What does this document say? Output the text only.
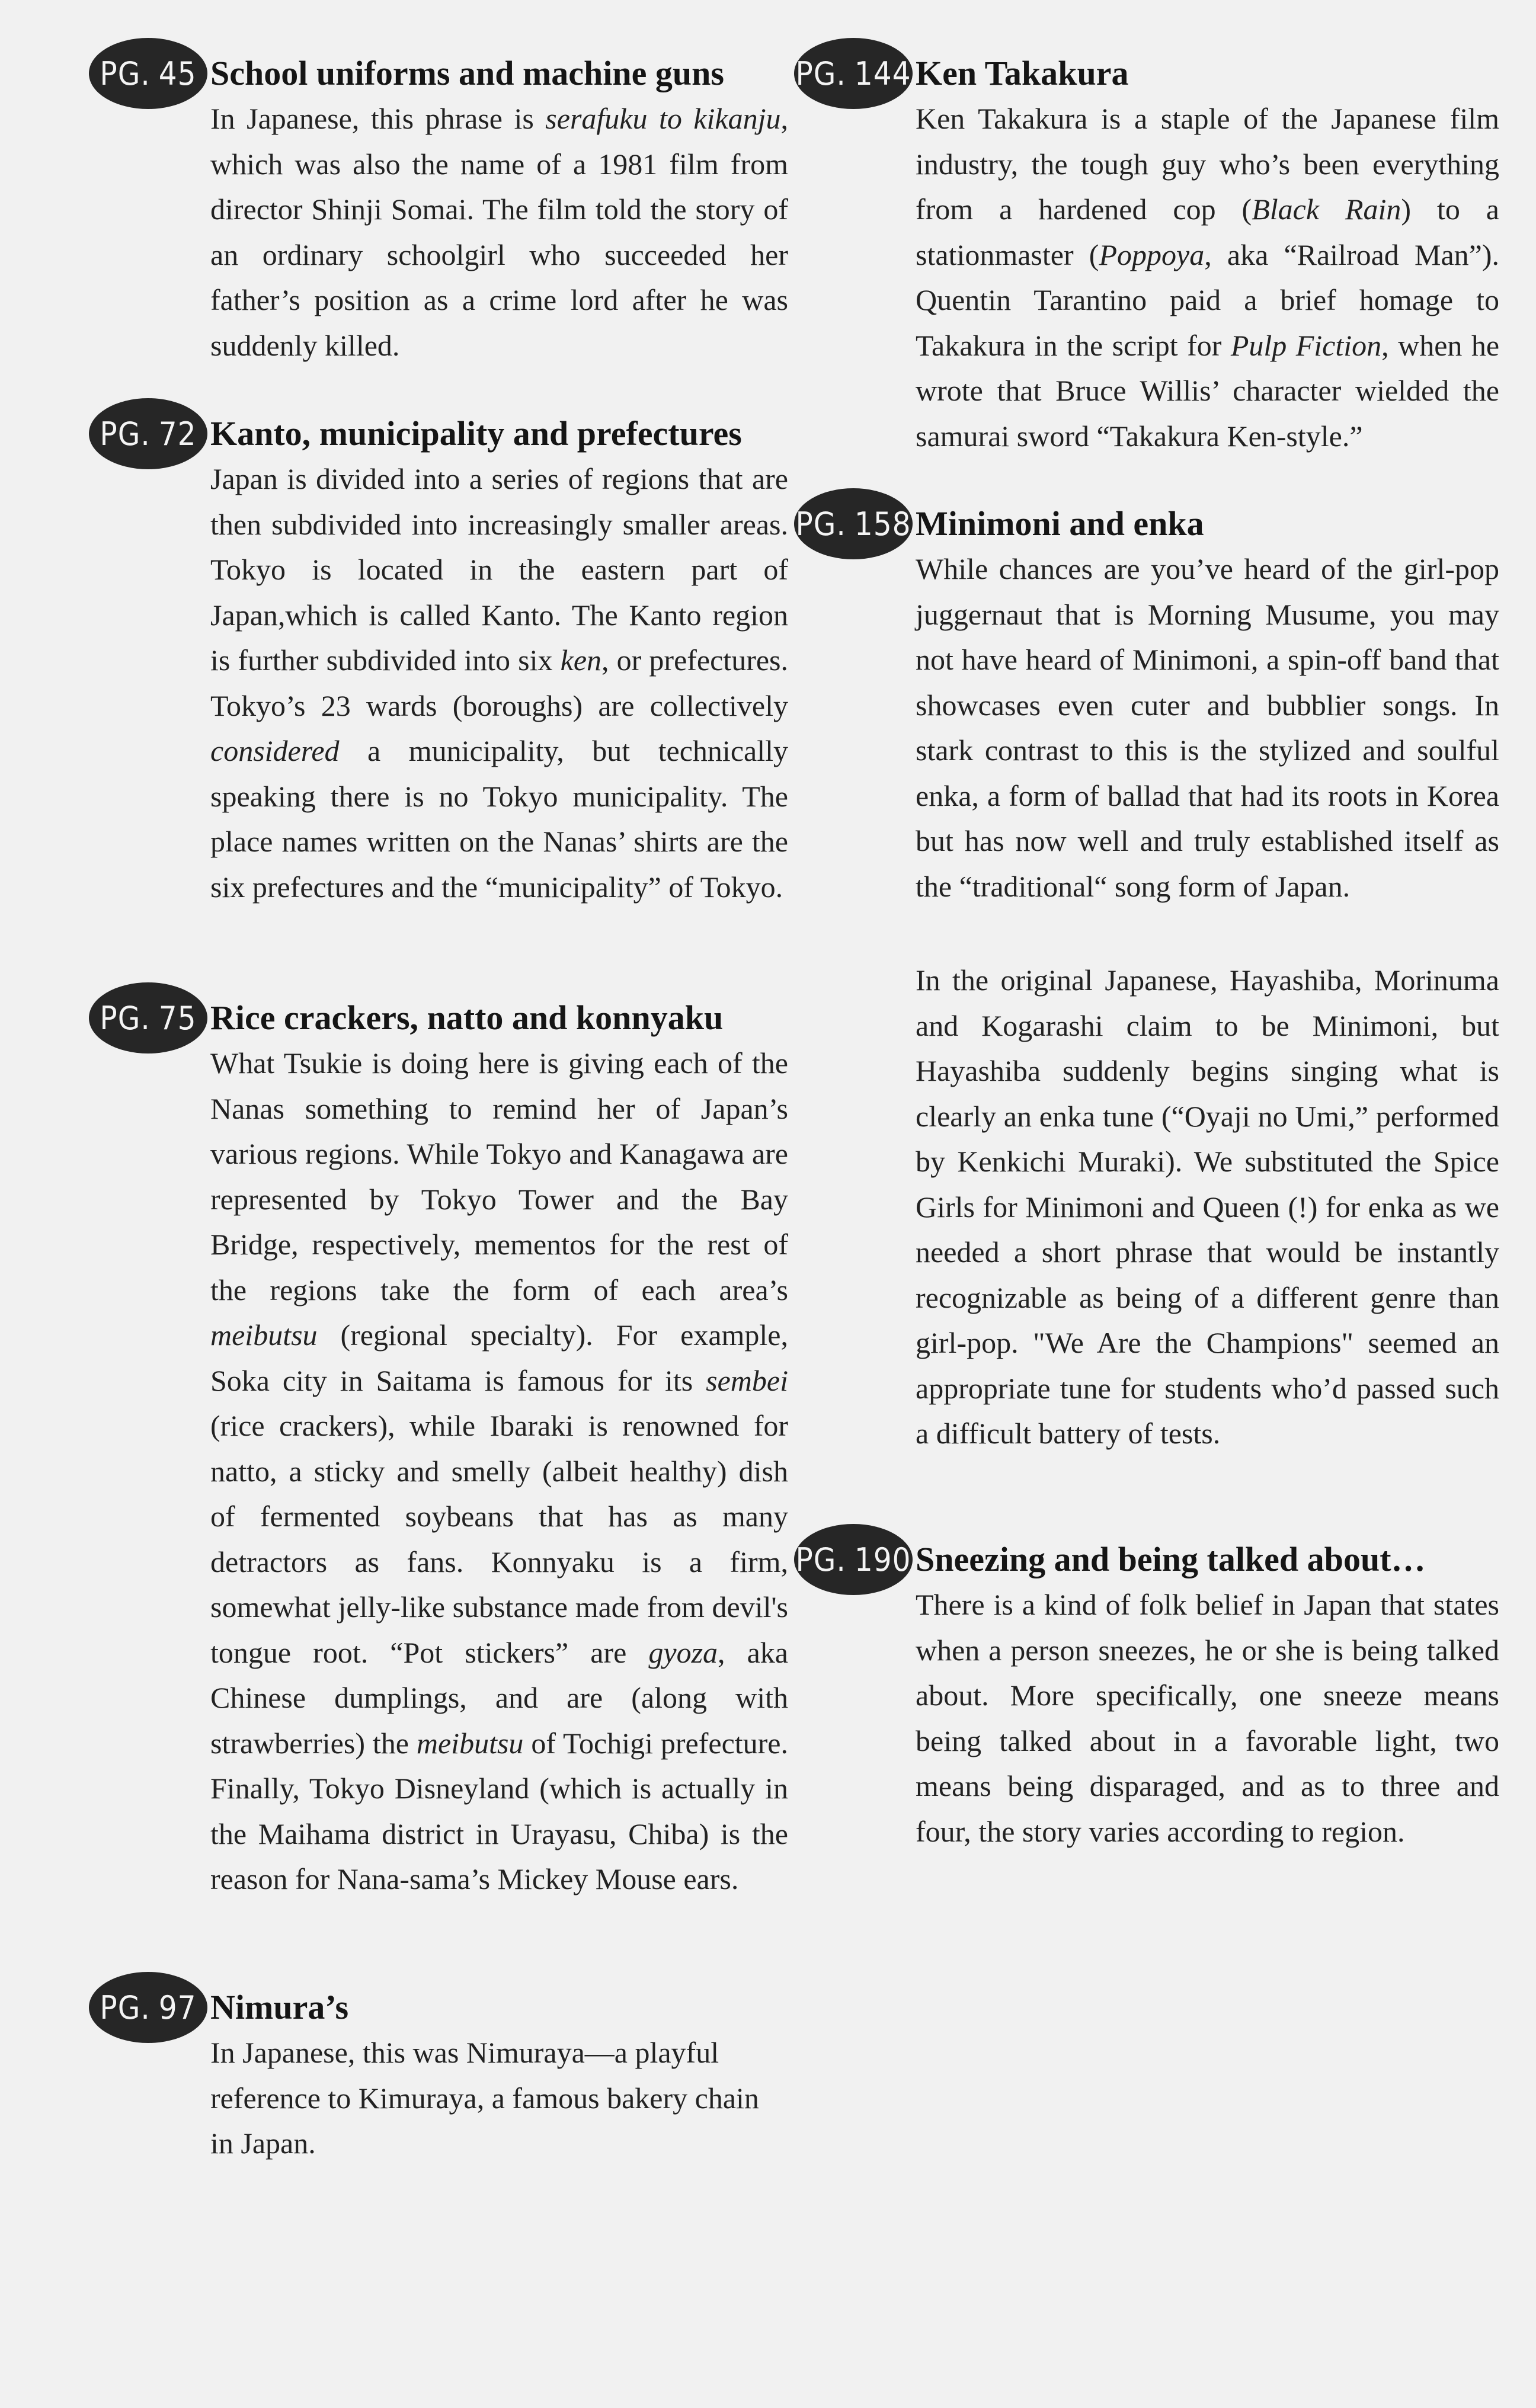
PG. 45 School uniforms and machine guns

In Japanese, this phrase is serafuku to kikanju, which was also the name of a 1981 film from director Shinji Somai. The film told the story of an ordinary schoolgirl who succeeded her father’s position as a crime lord after he was suddenly killed.

PG. 72 Kanto, municipality and prefectures

Japan is divided into a series of regions that are then subdivided into increasingly smaller areas. Tokyo is located in the eastern part of Japan,which is called Kanto. The Kanto region is further subdivided into six ken, or prefectures. Tokyo’s 23 wards (boroughs) are collectively considered a municipality, but technically speaking there is no Tokyo municipality. The place names written on the Nanas’ shirts are the six prefectures and the “municipality” of Tokyo.

PG. 75 Rice crackers, natto and konnyaku

What Tsukie is doing here is giving each of the Nanas something to remind her of Japan’s various regions. While Tokyo and Kanagawa are represented by Tokyo Tower and the Bay Bridge, respectively, mementos for the rest of the regions take the form of each area’s meibutsu (regional specialty). For example, Soka city in Saitama is famous for its sembei (rice crackers), while Ibaraki is renowned for natto, a sticky and smelly (albeit healthy) dish of fermented soybeans that has as many detractors as fans. Konnyaku is a firm, somewhat jelly-like substance made from devil's tongue root. “Pot stickers” are gyoza, aka Chinese dumplings, and are (along with strawberries) the meibutsu of Tochigi prefecture. Finally, Tokyo Disneyland (which is actually in the Maihama district in Urayasu, Chiba) is the reason for Nana-sama’s Mickey Mouse ears.

PG. 97 Nimura’s

In Japanese, this was Nimuraya—a playful reference to Kimuraya, a famous bakery chain in Japan.

PG. 144 Ken Takakura

Ken Takakura is a staple of the Japanese film industry, the tough guy who’s been everything from a hardened cop (Black Rain) to a stationmaster (Poppoya, aka “Railroad Man”). Quentin Tarantino paid a brief homage to Takakura in the script for Pulp Fiction, when he wrote that Bruce Willis’ character wielded the samurai sword “Takakura Ken-style.”

PG. 158 Minimoni and enka

While chances are you’ve heard of the girl-pop juggernaut that is Morning Musume, you may not have heard of Minimoni, a spin-off band that showcases even cuter and bubblier songs. In stark contrast to this is the stylized and soulful enka, a form of ballad that had its roots in Korea but has now well and truly established itself as the “traditional“ song form of Japan.

In the original Japanese, Hayashiba, Morinuma and Kogarashi claim to be Minimoni, but Hayashiba suddenly begins singing what is clearly an enka tune (“Oyaji no Umi,” performed by Kenkichi Muraki). We substituted the Spice Girls for Minimoni and Queen (!) for enka as we needed a short phrase that would be instantly recognizable as being of a different genre than girl-pop. "We Are the Champions" seemed an appropriate tune for students who’d passed such a difficult battery of tests.

PG. 190 Sneezing and being talked about…

There is a kind of folk belief in Japan that states when a person sneezes, he or she is being talked about. More specifically, one sneeze means being talked about in a favorable light, two means being disparaged, and as to three and four, the story varies according to region.
